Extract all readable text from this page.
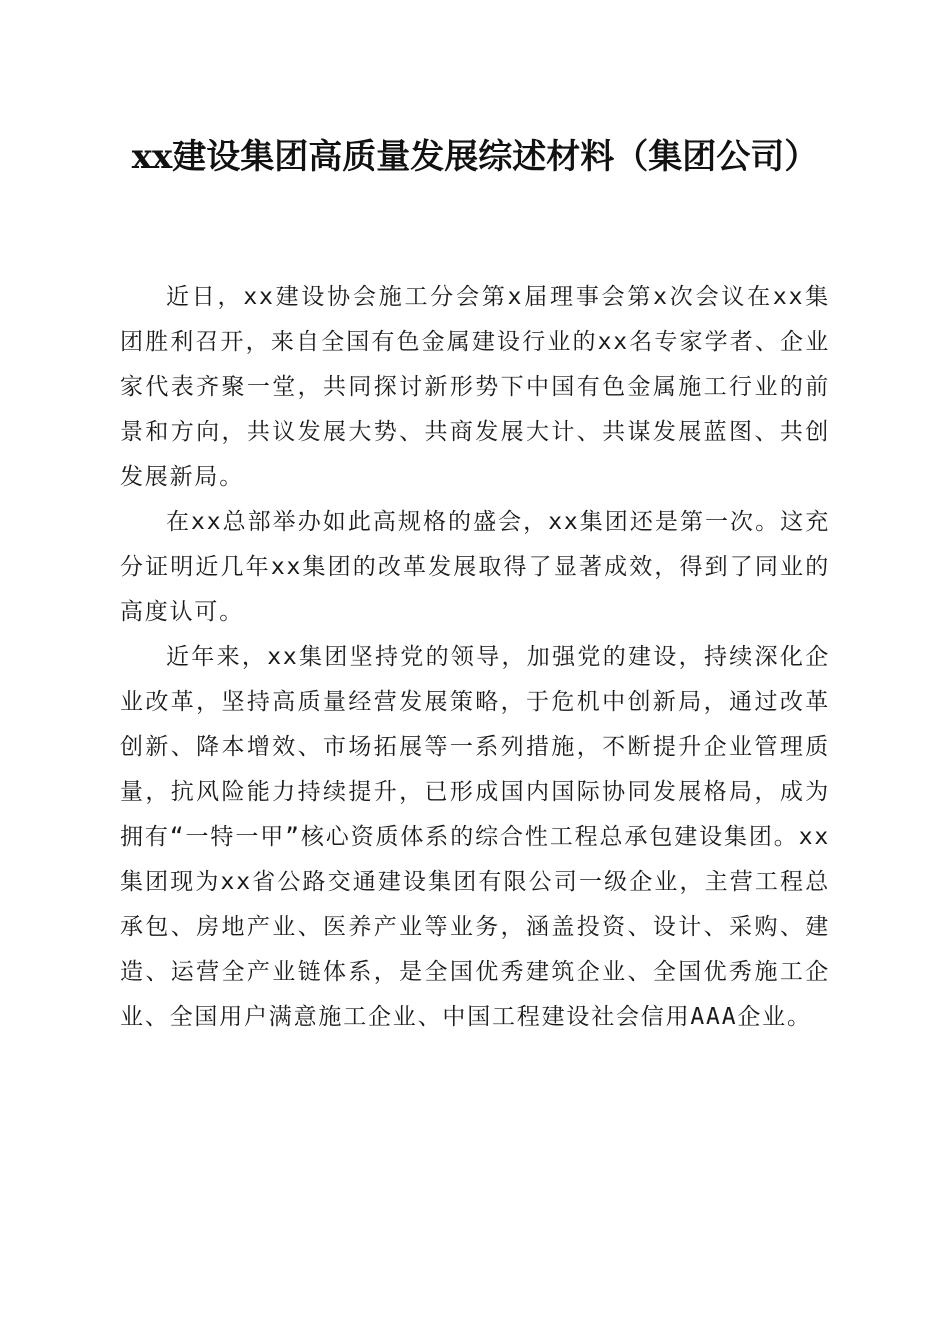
xx建设集团高质量发展综述材料（集团公司）

近日，xx建设协会施工分会第x届理事会第x次会议在xx集团胜利召开，来自全国有色金属建设行业的xx名专家学者、企业家代表齐聚一堂，共同探讨新形势下中国有色金属施工行业的前景和方向，共议发展大势、共商发展大计、共谋发展蓝图、共创发展新局。

在xx总部举办如此高规格的盛会，xx集团还是第一次。这充分证明近几年xx集团的改革发展取得了显著成效，得到了同业的高度认可。

近年来，xx集团坚持党的领导，加强党的建设，持续深化企业改革，坚持高质量经营发展策略，于危机中创新局，通过改革创新、降本增效、市场拓展等一系列措施，不断提升企业管理质量，抗风险能力持续提升，已形成国内国际协同发展格局，成为拥有“一特一甲”核心资质体系的综合性工程总承包建设集团。xx集团现为xx省公路交通建设集团有限公司一级企业，主营工程总承包、房地产业、医养产业等业务，涵盖投资、设计、采购、建造、运营全产业链体系，是全国优秀建筑企业、全国优秀施工企业、全国用户满意施工企业、中国工程建设社会信用AAA企业。
